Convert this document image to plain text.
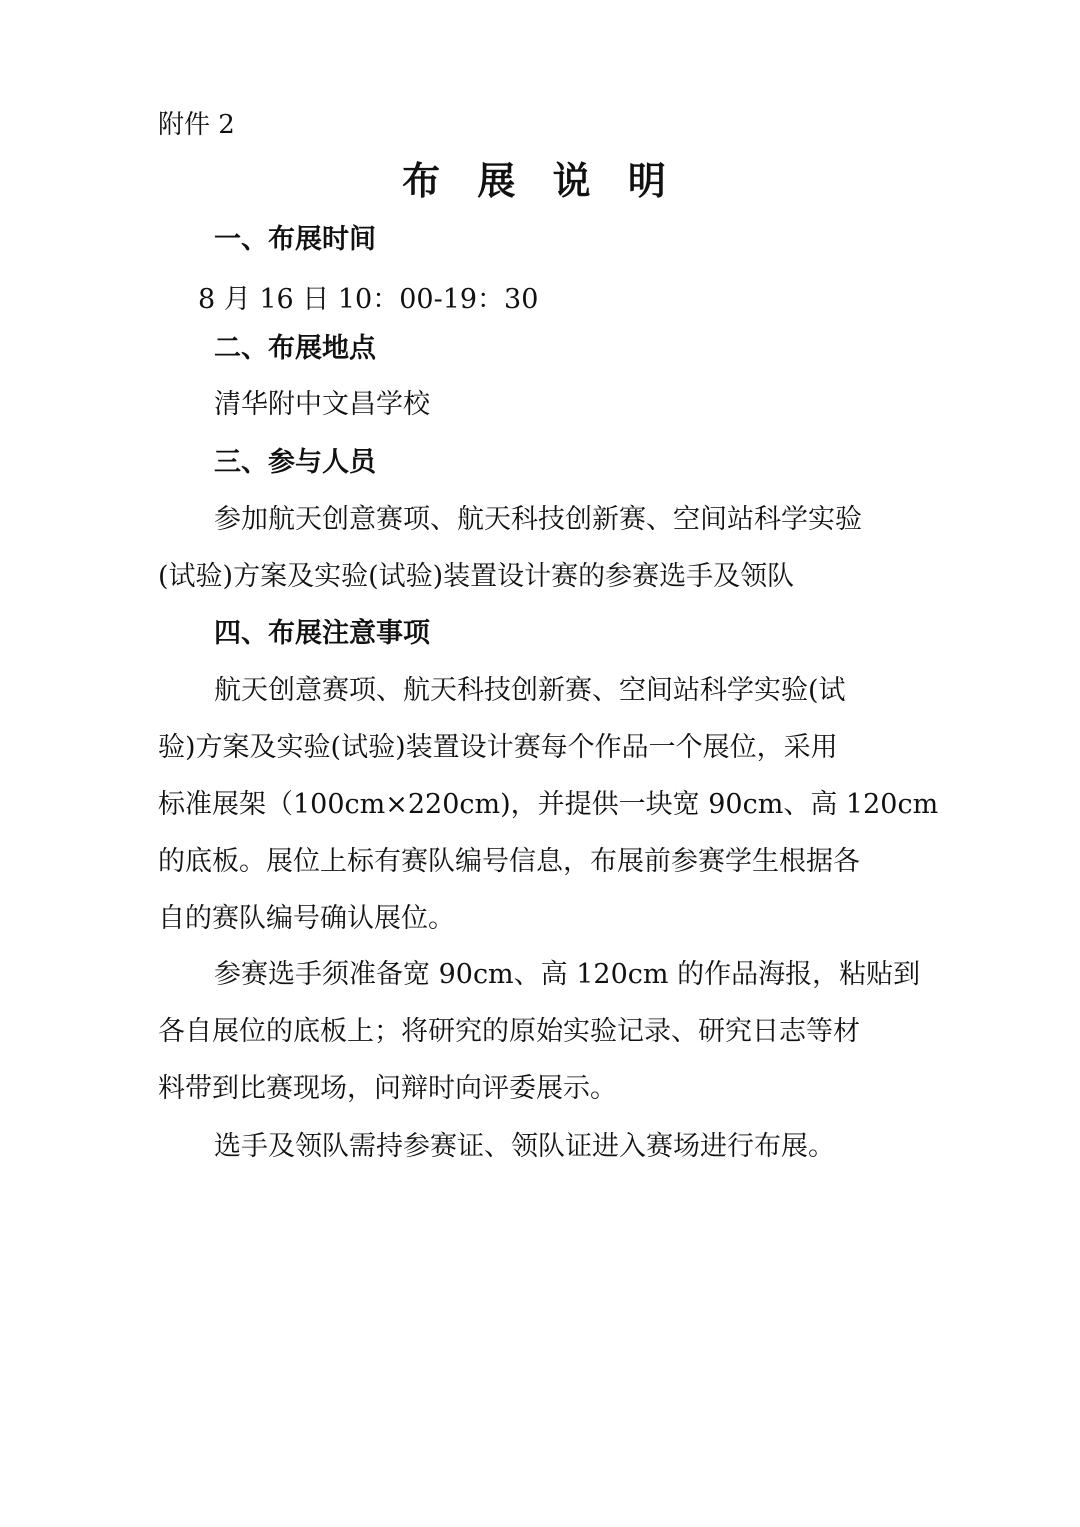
附件 2

布 展 说 明
一、布展时间

8 月 16 日 10：00-19：30

二、布展地点

清华附中文昌学校

三、参与人员

参加航天创意赛项、航天科技创新赛、空间站科学实验

(试验)方案及实验(试验)装置设计赛的参赛选手及领队

四、布展注意事项

航天创意赛项、航天科技创新赛、空间站科学实验(试

验)方案及实验(试验)装置设计赛每个作品一个展位，采用

标准展架（100cm×220cm)，并提供一块宽 90cm、高 120cm

的底板。展位上标有赛队编号信息，布展前参赛学生根据各

自的赛队编号确认展位。

参赛选手须准备宽 90cm、高 120cm 的作品海报，粘贴到

各自展位的底板上；将研究的原始实验记录、研究日志等材

料带到比赛现场，问辩时向评委展示。

选手及领队需持参赛证、领队证进入赛场进行布展。
